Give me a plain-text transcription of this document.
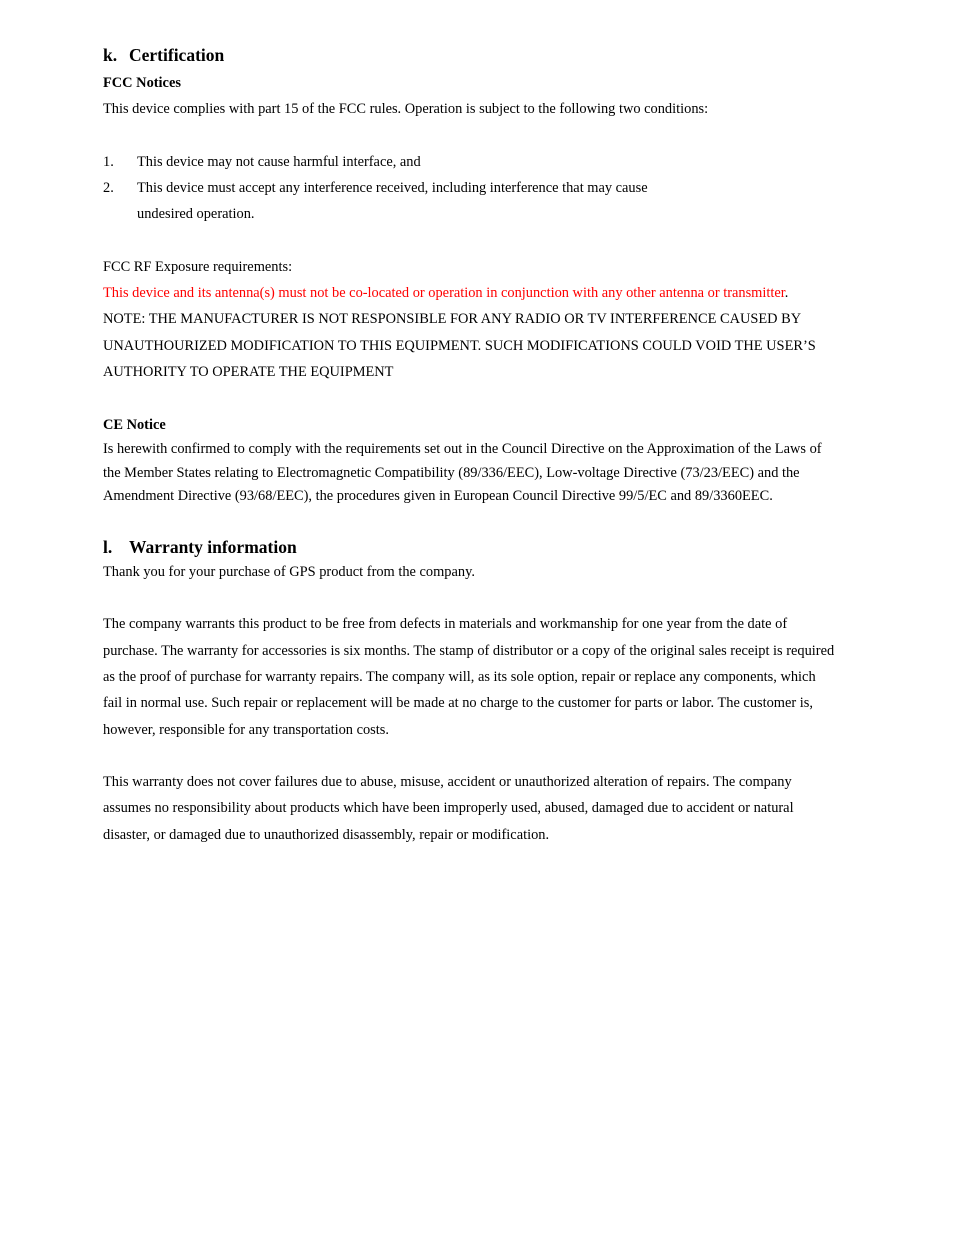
k. Certification

FCC Notices

This device complies with part 15 of the FCC rules. Operation is subject to the following two conditions:

1.	This device may not cause harmful interface, and
2.	This device must accept any interference received, including interference that may cause
undesired operation.

FCC RF Exposure requirements:

This device and its antenna(s) must not be co-located or operation in conjunction with any other antenna or transmitter.

NOTE: THE MANUFACTURER IS NOT RESPONSIBLE FOR ANY RADIO OR TV INTERFERENCE CAUSED BY

UNAUTHOURIZED MODIFICATION TO THIS EQUIPMENT. SUCH MODIFICATIONS COULD VOID THE USER’S

AUTHORITY TO OPERATE THE EQUIPMENT

CE Notice

Is herewith confirmed to comply with the requirements set out in the Council Directive on the Approximation of the Laws of

the Member States relating to Electromagnetic Compatibility (89/336/EEC), Low-voltage Directive (73/23/EEC) and the

Amendment Directive (93/68/EEC), the procedures given in European Council Directive 99/5/EC and 89/3360EEC.

l. Warranty information

Thank you for your purchase of GPS product from the company.

The company warrants this product to be free from defects in materials and workmanship for one year from the date of

purchase. The warranty for accessories is six months. The stamp of distributor or a copy of the original sales receipt is required

as the proof of purchase for warranty repairs. The company will, as its sole option, repair or replace any components, which

fail in normal use. Such repair or replacement will be made at no charge to the customer for parts or labor. The customer is,

however, responsible for any transportation costs.

This warranty does not cover failures due to abuse, misuse, accident or unauthorized alteration of repairs. The company

assumes no responsibility about products which have been improperly used, abused, damaged due to accident or natural

disaster, or damaged due to unauthorized disassembly, repair or modification.
